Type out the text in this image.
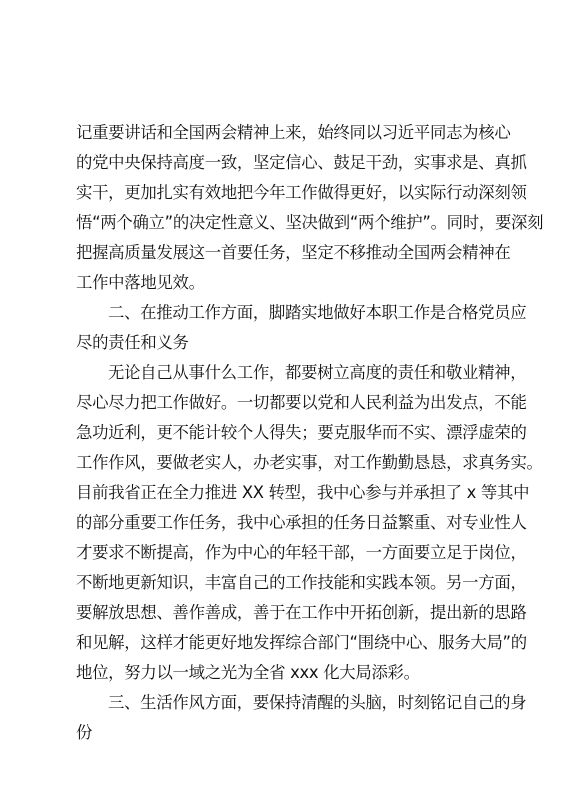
记重要讲话和全国两会精神上来，始终同以习近平同志为核心
的党中央保持高度一致，坚定信心、鼓足干劲，实事求是、真抓
实干，更加扎实有效地把今年工作做得更好，以实际行动深刻领
悟“两个确立”的决定性意义、坚决做到“两个维护”。同时，要深刻
把握高质量发展这一首要任务，坚定不移推动全国两会精神在
工作中落地见效。
二、在推动工作方面，脚踏实地做好本职工作是合格党员应
尽的责任和义务
无论自己从事什么工作，都要树立高度的责任和敬业精神，
尽心尽力把工作做好。一切都要以党和人民利益为出发点，不能
急功近利，更不能计较个人得失；要克服华而不实、漂浮虚荣的
工作作风，要做老实人，办老实事，对工作勤勤恳恳，求真务实。
目前我省正在全力推进 XX 转型，我中心参与并承担了 x 等其中
的部分重要工作任务，我中心承担的任务日益繁重、对专业性人
才要求不断提高，作为中心的年轻干部，一方面要立足于岗位，
不断地更新知识，丰富自己的工作技能和实践本领。另一方面，
要解放思想、善作善成，善于在工作中开拓创新，提出新的思路
和见解，这样才能更好地发挥综合部门“围绕中心、服务大局”的
地位，努力以一域之光为全省 xxx 化大局添彩。
三、生活作风方面，要保持清醒的头脑，时刻铭记自己的身
份
